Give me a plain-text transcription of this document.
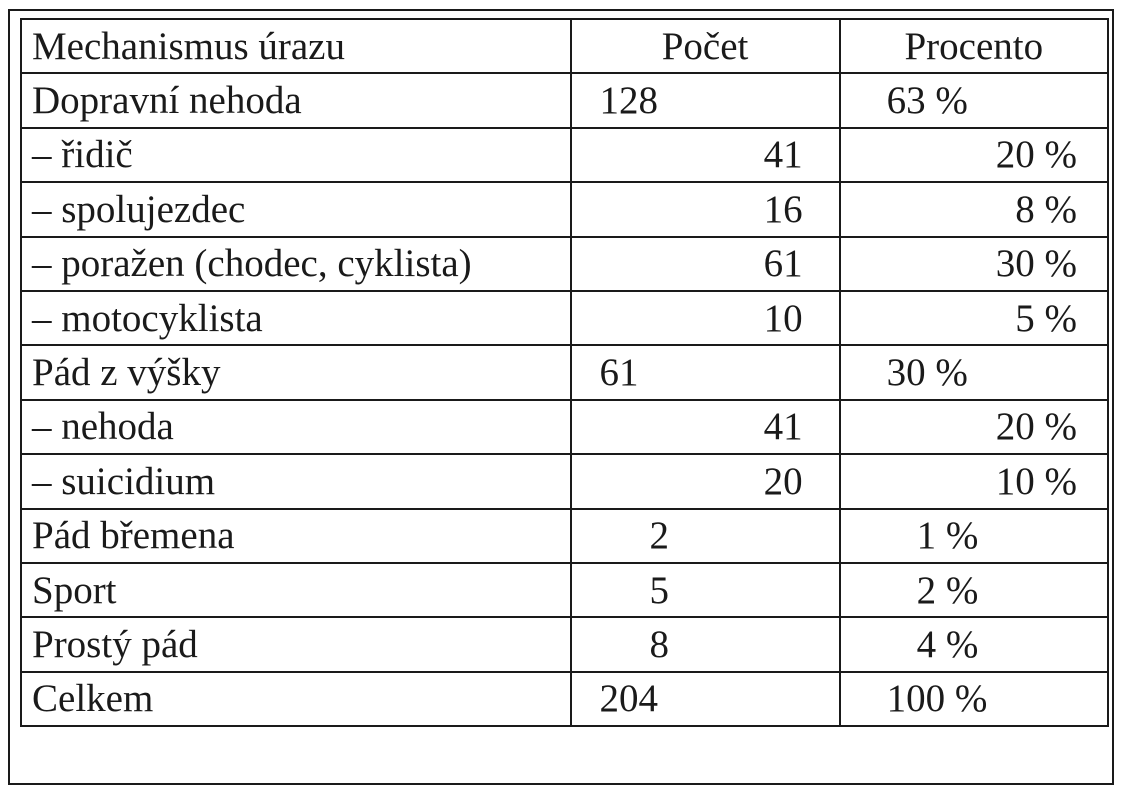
Mechanismus úrazu	Počet	Procento
Dopravní nehoda	128	63 %
– řidič	41	20 %
– spolujezdec	16	8 %
– poražen (chodec, cyklista)	61	30 %
– motocyklista	10	5 %
Pád z výšky	61	30 %
– nehoda	41	20 %
– suicidium	20	10 %
Pád břemena	2	1 %
Sport	5	2 %
Prostý pád	8	4 %
Celkem	204	100 %
